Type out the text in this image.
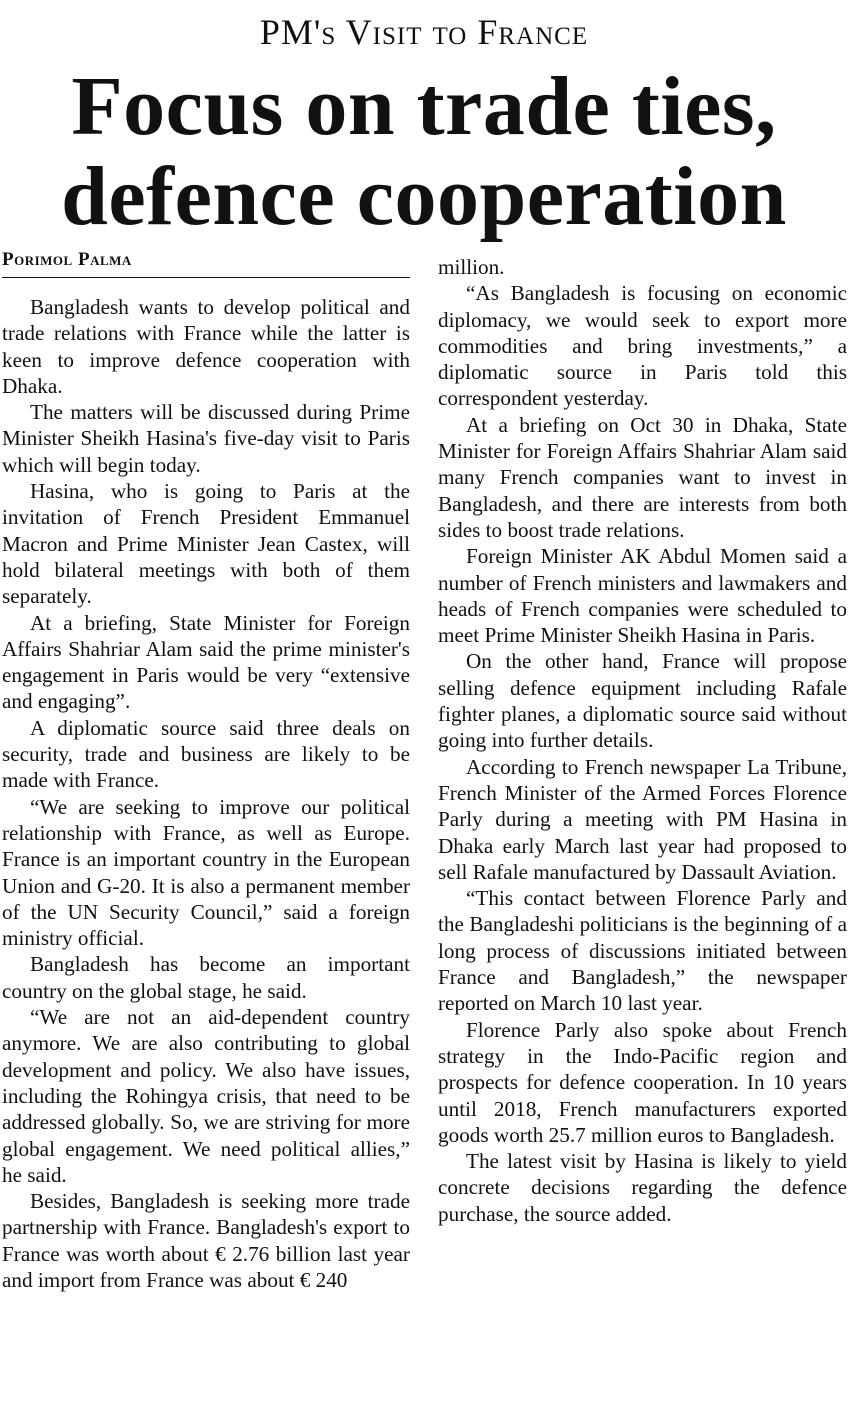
PM's Visit to France
Focus on trade ties,
defence cooperation
Porimol Palma

Bangladesh wants to develop political and trade relations with France while the latter is keen to improve defence cooperation with Dhaka.

The matters will be discussed during Prime Minister Sheikh Hasina's five-day visit to Paris which will begin today.

Hasina, who is going to Paris at the invitation of French President Emmanuel Macron and Prime Minister Jean Castex, will hold bilateral meetings with both of them separately.

At a briefing, State Minister for Foreign Affairs Shahriar Alam said the prime minister's engagement in Paris would be very “extensive and engaging”.

A diplomatic source said three deals on security, trade and business are likely to be made with France.

“We are seeking to improve our political relationship with France, as well as Europe. France is an important country in the European Union and G-20. It is also a permanent member of the UN Security Council,” said a foreign ministry official.

Bangladesh has become an important country on the global stage, he said.

“We are not an aid-dependent country anymore. We are also contributing to global development and policy. We also have issues, including the Rohingya crisis, that need to be addressed globally. So, we are striving for more global engagement. We need political allies,” he said.

Besides, Bangladesh is seeking more trade partnership with France. Bangladesh's export to France was worth about € 2.76 billion last year and import from France was about € 240

million.

“As Bangladesh is focusing on economic diplomacy, we would seek to export more commodities and bring investments,” a diplomatic source in Paris told this correspondent yesterday.

At a briefing on Oct 30 in Dhaka, State Minister for Foreign Affairs Shahriar Alam said many French companies want to invest in Bangladesh, and there are interests from both sides to boost trade relations.

Foreign Minister AK Abdul Momen said a number of French ministers and lawmakers and heads of French companies were scheduled to meet Prime Minister Sheikh Hasina in Paris.

On the other hand, France will propose selling defence equipment including Rafale fighter planes, a diplomatic source said without going into further details.

According to French newspaper La Tribune, French Minister of the Armed Forces Florence Parly during a meeting with PM Hasina in Dhaka early March last year had proposed to sell Rafale manufactured by Dassault Aviation.

“This contact between Florence Parly and the Bangladeshi politicians is the beginning of a long process of discussions initiated between France and Bangladesh,” the newspaper reported on March 10 last year.

Florence Parly also spoke about French strategy in the Indo-Pacific region and prospects for defence cooperation. In 10 years until 2018, French manufacturers exported goods worth 25.7 million euros to Bangladesh.

The latest visit by Hasina is likely to yield concrete decisions regarding the defence purchase, the source added.
